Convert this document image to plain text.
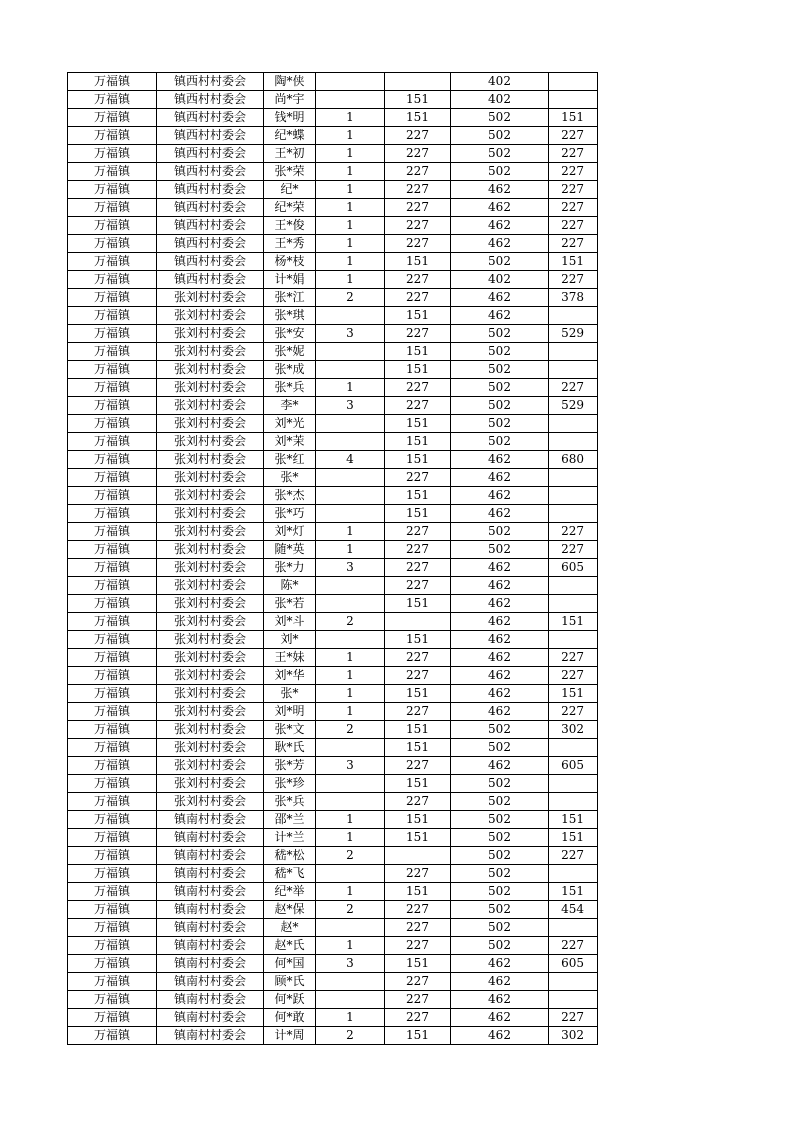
万福镇	镇西村村委会	陶*侠			402	
万福镇	镇西村村委会	尚*宇		151	402	
万福镇	镇西村村委会	钱*明	1	151	502	151
万福镇	镇西村村委会	纪*蝶	1	227	502	227
万福镇	镇西村村委会	王*初	1	227	502	227
万福镇	镇西村村委会	张*荣	1	227	502	227
万福镇	镇西村村委会	纪*	1	227	462	227
万福镇	镇西村村委会	纪*荣	1	227	462	227
万福镇	镇西村村委会	王*俊	1	227	462	227
万福镇	镇西村村委会	王*秀	1	227	462	227
万福镇	镇西村村委会	杨*枝	1	151	502	151
万福镇	镇西村村委会	计*娟	1	227	402	227
万福镇	张刘村村委会	张*江	2	227	462	378
万福镇	张刘村村委会	张*琪		151	462	
万福镇	张刘村村委会	张*安	3	227	502	529
万福镇	张刘村村委会	张*妮		151	502	
万福镇	张刘村村委会	张*成		151	502	
万福镇	张刘村村委会	张*兵	1	227	502	227
万福镇	张刘村村委会	李*	3	227	502	529
万福镇	张刘村村委会	刘*光		151	502	
万福镇	张刘村村委会	刘*茉		151	502	
万福镇	张刘村村委会	张*红	4	151	462	680
万福镇	张刘村村委会	张*		227	462	
万福镇	张刘村村委会	张*杰		151	462	
万福镇	张刘村村委会	张*巧		151	462	
万福镇	张刘村村委会	刘*灯	1	227	502	227
万福镇	张刘村村委会	随*英	1	227	502	227
万福镇	张刘村村委会	张*力	3	227	462	605
万福镇	张刘村村委会	陈*		227	462	
万福镇	张刘村村委会	张*若		151	462	
万福镇	张刘村村委会	刘*斗	2		462	151
万福镇	张刘村村委会	刘*		151	462	
万福镇	张刘村村委会	王*妹	1	227	462	227
万福镇	张刘村村委会	刘*华	1	227	462	227
万福镇	张刘村村委会	张*	1	151	462	151
万福镇	张刘村村委会	刘*明	1	227	462	227
万福镇	张刘村村委会	张*文	2	151	502	302
万福镇	张刘村村委会	耿*氏		151	502	
万福镇	张刘村村委会	张*芳	3	227	462	605
万福镇	张刘村村委会	张*珍		151	502	
万福镇	张刘村村委会	张*兵		227	502	
万福镇	镇南村村委会	邵*兰	1	151	502	151
万福镇	镇南村村委会	计*兰	1	151	502	151
万福镇	镇南村村委会	嵇*松	2		502	227
万福镇	镇南村村委会	嵇*飞		227	502	
万福镇	镇南村村委会	纪*举	1	151	502	151
万福镇	镇南村村委会	赵*保	2	227	502	454
万福镇	镇南村村委会	赵*		227	502	
万福镇	镇南村村委会	赵*氏	1	227	502	227
万福镇	镇南村村委会	何*国	3	151	462	605
万福镇	镇南村村委会	顾*氏		227	462	
万福镇	镇南村村委会	何*跃		227	462	
万福镇	镇南村村委会	何*敢	1	227	462	227
万福镇	镇南村村委会	计*周	2	151	462	302
